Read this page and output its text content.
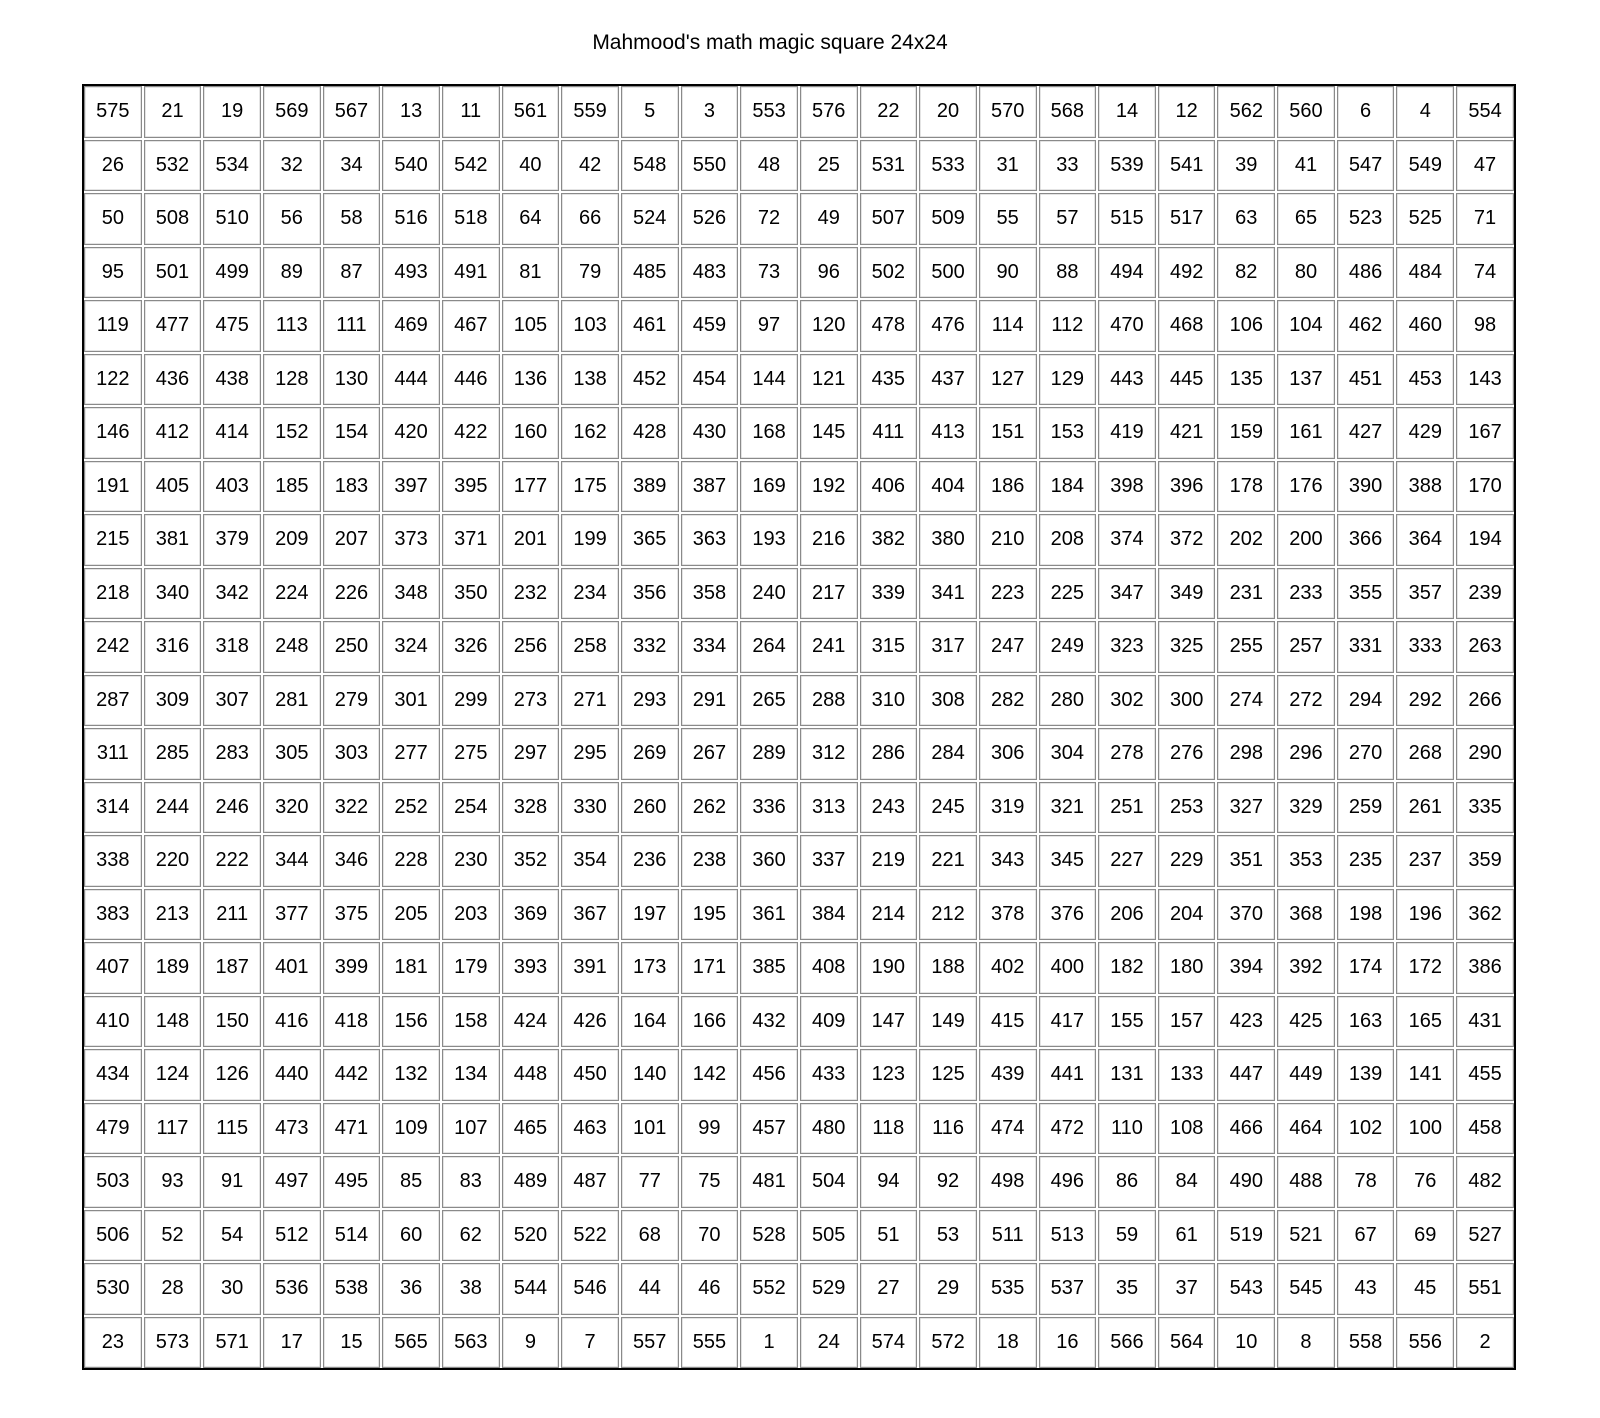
Mahmood's math magic square 24x24
575	21	19	569	567	13	11	561	559	5	3	553	576	22	20	570	568	14	12	562	560	6	4	554
26	532	534	32	34	540	542	40	42	548	550	48	25	531	533	31	33	539	541	39	41	547	549	47
50	508	510	56	58	516	518	64	66	524	526	72	49	507	509	55	57	515	517	63	65	523	525	71
95	501	499	89	87	493	491	81	79	485	483	73	96	502	500	90	88	494	492	82	80	486	484	74
119	477	475	113	111	469	467	105	103	461	459	97	120	478	476	114	112	470	468	106	104	462	460	98
122	436	438	128	130	444	446	136	138	452	454	144	121	435	437	127	129	443	445	135	137	451	453	143
146	412	414	152	154	420	422	160	162	428	430	168	145	411	413	151	153	419	421	159	161	427	429	167
191	405	403	185	183	397	395	177	175	389	387	169	192	406	404	186	184	398	396	178	176	390	388	170
215	381	379	209	207	373	371	201	199	365	363	193	216	382	380	210	208	374	372	202	200	366	364	194
218	340	342	224	226	348	350	232	234	356	358	240	217	339	341	223	225	347	349	231	233	355	357	239
242	316	318	248	250	324	326	256	258	332	334	264	241	315	317	247	249	323	325	255	257	331	333	263
287	309	307	281	279	301	299	273	271	293	291	265	288	310	308	282	280	302	300	274	272	294	292	266
311	285	283	305	303	277	275	297	295	269	267	289	312	286	284	306	304	278	276	298	296	270	268	290
314	244	246	320	322	252	254	328	330	260	262	336	313	243	245	319	321	251	253	327	329	259	261	335
338	220	222	344	346	228	230	352	354	236	238	360	337	219	221	343	345	227	229	351	353	235	237	359
383	213	211	377	375	205	203	369	367	197	195	361	384	214	212	378	376	206	204	370	368	198	196	362
407	189	187	401	399	181	179	393	391	173	171	385	408	190	188	402	400	182	180	394	392	174	172	386
410	148	150	416	418	156	158	424	426	164	166	432	409	147	149	415	417	155	157	423	425	163	165	431
434	124	126	440	442	132	134	448	450	140	142	456	433	123	125	439	441	131	133	447	449	139	141	455
479	117	115	473	471	109	107	465	463	101	99	457	480	118	116	474	472	110	108	466	464	102	100	458
503	93	91	497	495	85	83	489	487	77	75	481	504	94	92	498	496	86	84	490	488	78	76	482
506	52	54	512	514	60	62	520	522	68	70	528	505	51	53	511	513	59	61	519	521	67	69	527
530	28	30	536	538	36	38	544	546	44	46	552	529	27	29	535	537	35	37	543	545	43	45	551
23	573	571	17	15	565	563	9	7	557	555	1	24	574	572	18	16	566	564	10	8	558	556	2
